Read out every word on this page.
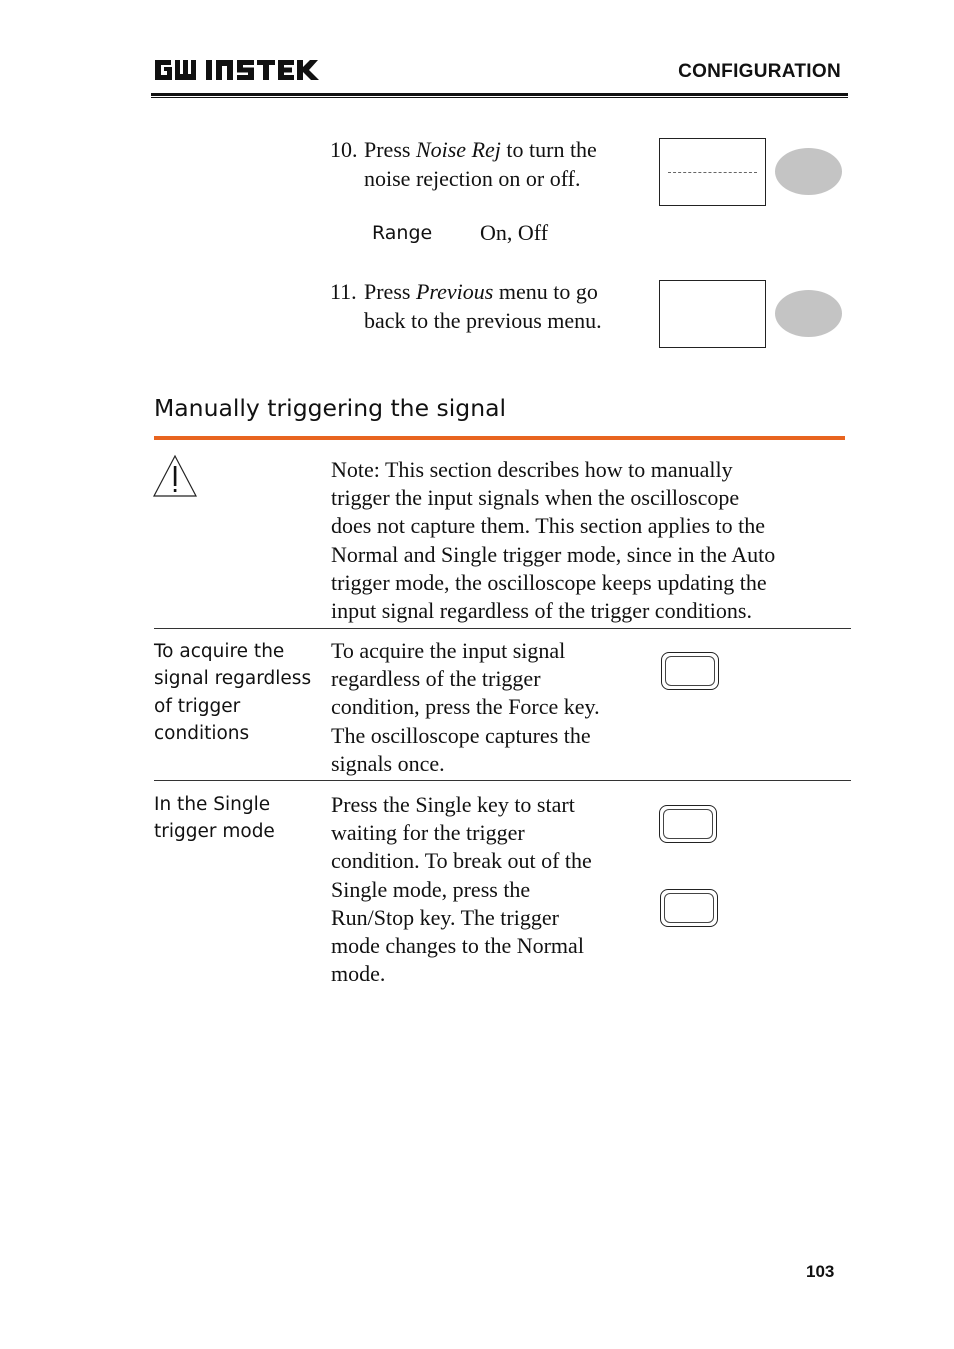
CONFIGURATION
10. Press Noise Rej to turn the
noise rejection on or off.
Range On, Off
11. Press Previous menu to go
back to the previous menu.
Manually triggering the signal
Note: This section describes how to manually
trigger the input signals when the oscilloscope
does not capture them. This section applies to the
Normal and Single trigger mode, since in the Auto
trigger mode, the oscilloscope keeps updating the
input signal regardless of the trigger conditions.
To acquire the
signal regardless
of trigger
conditions
To acquire the input signal
regardless of the trigger
condition, press the Force key.
The oscilloscope captures the
signals once.
In the Single
trigger mode
Press the Single key to start
waiting for the trigger
condition. To break out of the
Single mode, press the
Run/Stop key. The trigger
mode changes to the Normal
mode.
103
